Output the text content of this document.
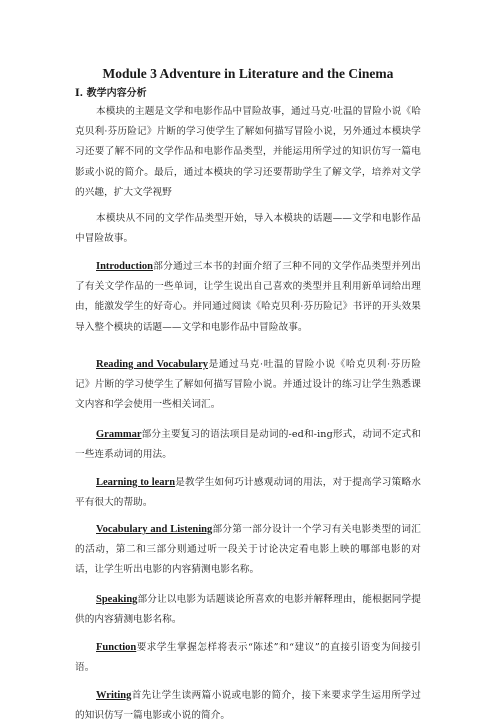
Module 3 Adventure in Literature and the Cinema
I. 教学内容分析

本模块的主题是文学和电影作品中冒险故事，通过马克·吐温的冒险小说《哈克贝利·芬历险记》片断的学习使学生了解如何描写冒险小说，另外通过本模块学习还要了解不同的文学作品和电影作品类型，并能运用所学过的知识仿写一篇电影或小说的简介。最后，通过本模块的学习还要帮助学生了解文学，培养对文学的兴趣，扩大文学视野

本模块从不同的文学作品类型开始，导入本模块的话题——文学和电影作品中冒险故事。

Introduction部分通过三本书的封面介绍了三种不同的文学作品类型并列出了有关文学作品的一些单词，让学生说出自己喜欢的类型并且利用新单词给出理由，能激发学生的好奇心。并同通过阅读《哈克贝利·芬历险记》书评的开头效果导入整个模块的话题——文学和电影作品中冒险故事。

Reading and Vocabulary是通过马克·吐温的冒险小说《哈克贝利·芬历险记》片断的学习使学生了解如何描写冒险小说。并通过设计的练习让学生熟悉课文内容和学会使用一些相关词汇。

Grammar部分主要复习的语法项目是动词的-ed和-ing形式，动词不定式和一些连系动词的用法。

Learning to learn是教学生如何巧计感观动词的用法，对于提高学习策略水平有很大的帮助。

Vocabulary and Listening部分第一部分设计一个学习有关电影类型的词汇的活动，第二和三部分则通过听一段关于讨论决定看电影上映的哪部电影的对话，让学生听出电影的内容猜测电影名称。

Speaking部分让以电影为话题谈论所喜欢的电影并解释理由，能根据同学提供的内容猜测电影名称。

Function要求学生掌握怎样将表示“陈述”和“建议”的直接引语变为间接引语。

Writing首先让学生读两篇小说或电影的简介，接下来要求学生运用所学过的知识仿写一篇电影或小说的简介。
